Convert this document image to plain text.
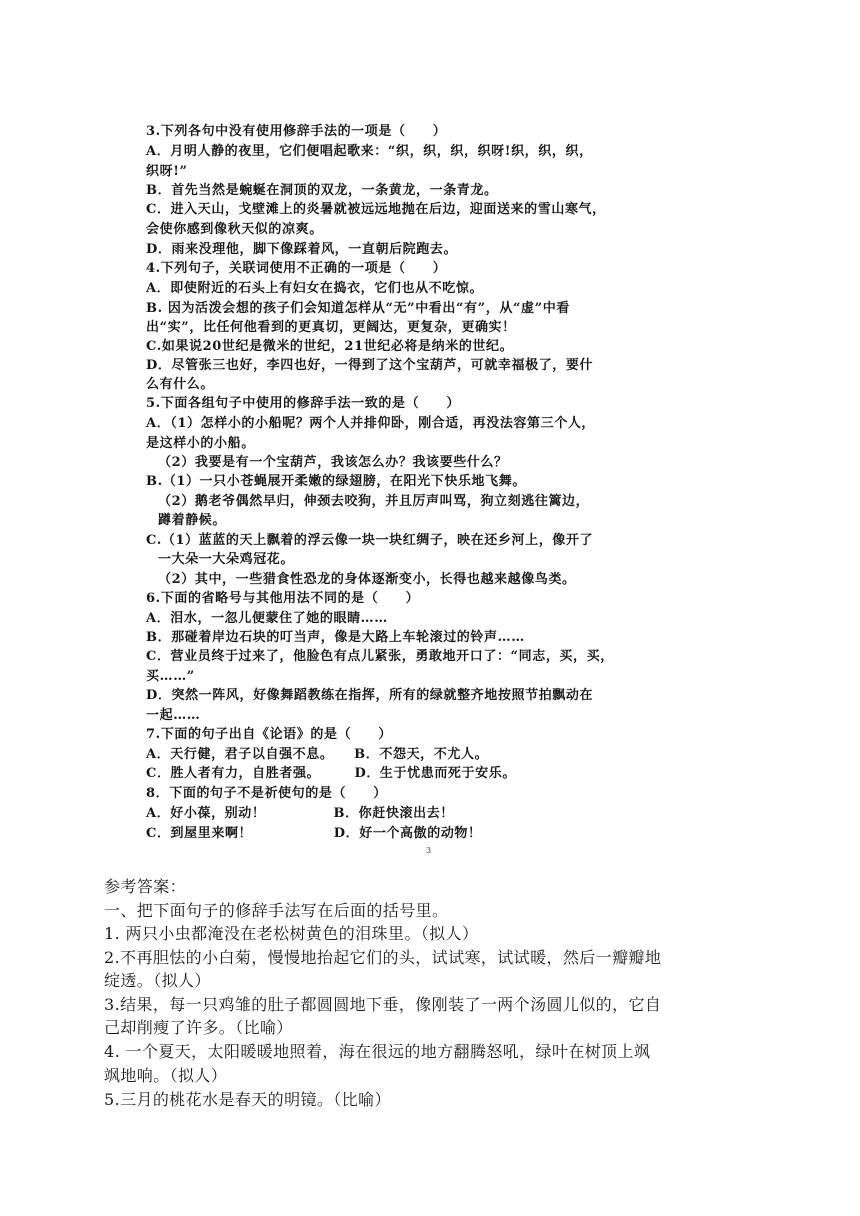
3.下列各句中没有使用修辞手法的一项是（　　）
A．月明人静的夜里，它们便唱起歌来：“织，织，织，织呀!织，织，织，
织呀!”
B．首先当然是蜿蜒在洞顶的双龙，一条黄龙，一条青龙。
C．进入天山，戈壁滩上的炎暑就被远远地抛在后边，迎面送来的雪山寒气，
会使你感到像秋天似的凉爽。
D．雨来没理他，脚下像踩着风，一直朝后院跑去。
4.下列句子，关联词使用不正确的一项是（　　）
A．即使附近的石头上有妇女在捣衣，它们也从不吃惊。
B. 因为活泼会想的孩子们会知道怎样从“无”中看出“有”，从“虚”中看
出“实”，比任何他看到的更真切，更阔达，更复杂，更确实！
C.如果说20世纪是微米的世纪，21世纪必将是纳米的世纪。
D．尽管张三也好，李四也好，一得到了这个宝葫芦，可就幸福极了，要什
么有什么。
5.下面各组句子中使用的修辞手法一致的是（　　）
A．（1）怎样小的小船呢？两个人并排仰卧，刚合适，再没法容第三个人，
是这样小的小船。
（2）我要是有一个宝葫芦，我该怎么办？我该要些什么？
B.（1）一只小苍蝇展开柔嫩的绿翅膀，在阳光下快乐地飞舞。
（2）鹅老爷偶然早归，伸颈去咬狗，并且厉声叫骂，狗立刻逃往篱边，
蹲着静候。
C.（1）蓝蓝的天上飘着的浮云像一块一块红绸子，映在还乡河上，像开了
一大朵一大朵鸡冠花。
（2）其中，一些猎食性恐龙的身体逐渐变小，长得也越来越像鸟类。
6.下面的省略号与其他用法不同的是（　　）
A．泪水，一忽儿便蒙住了她的眼睛……
B．那碰着岸边石块的叮当声，像是大路上车轮滚过的铃声……
C．营业员终于过来了，他脸色有点儿紧张，勇敢地开口了：“同志，买，买，
买……”
D．突然一阵风，好像舞蹈教练在指挥，所有的绿就整齐地按照节拍飘动在
一起……
7.下面的句子出自《论语》的是（　　）
A．天行健，君子以自强不息。　　B．不怨天，不尤人。
C．胜人者有力，自胜者强。　　　D．生于忧患而死于安乐。
8．下面的句子不是祈使句的是（　　）
A．好小葆，别动！　　　　　B．你赶快滚出去！
C．到屋里来啊！　　　　　　D．好一个高傲的动物！
3
参考答案：
一、把下面句子的修辞手法写在后面的括号里。
1. 两只小虫都淹没在老松树黄色的泪珠里。（拟人）
2.不再胆怯的小白菊，慢慢地抬起它们的头，试试寒，试试暖，然后一瓣瓣地
绽透。（拟人）
3.结果，每一只鸡雏的肚子都圆圆地下垂，像刚装了一两个汤圆儿似的，它自
己却削瘦了许多。（比喻）
4. 一个夏天，太阳暖暖地照着，海在很远的地方翻腾怒吼，绿叶在树顶上飒
飒地响。（拟人）
5.三月的桃花水是春天的明镜。（比喻）
